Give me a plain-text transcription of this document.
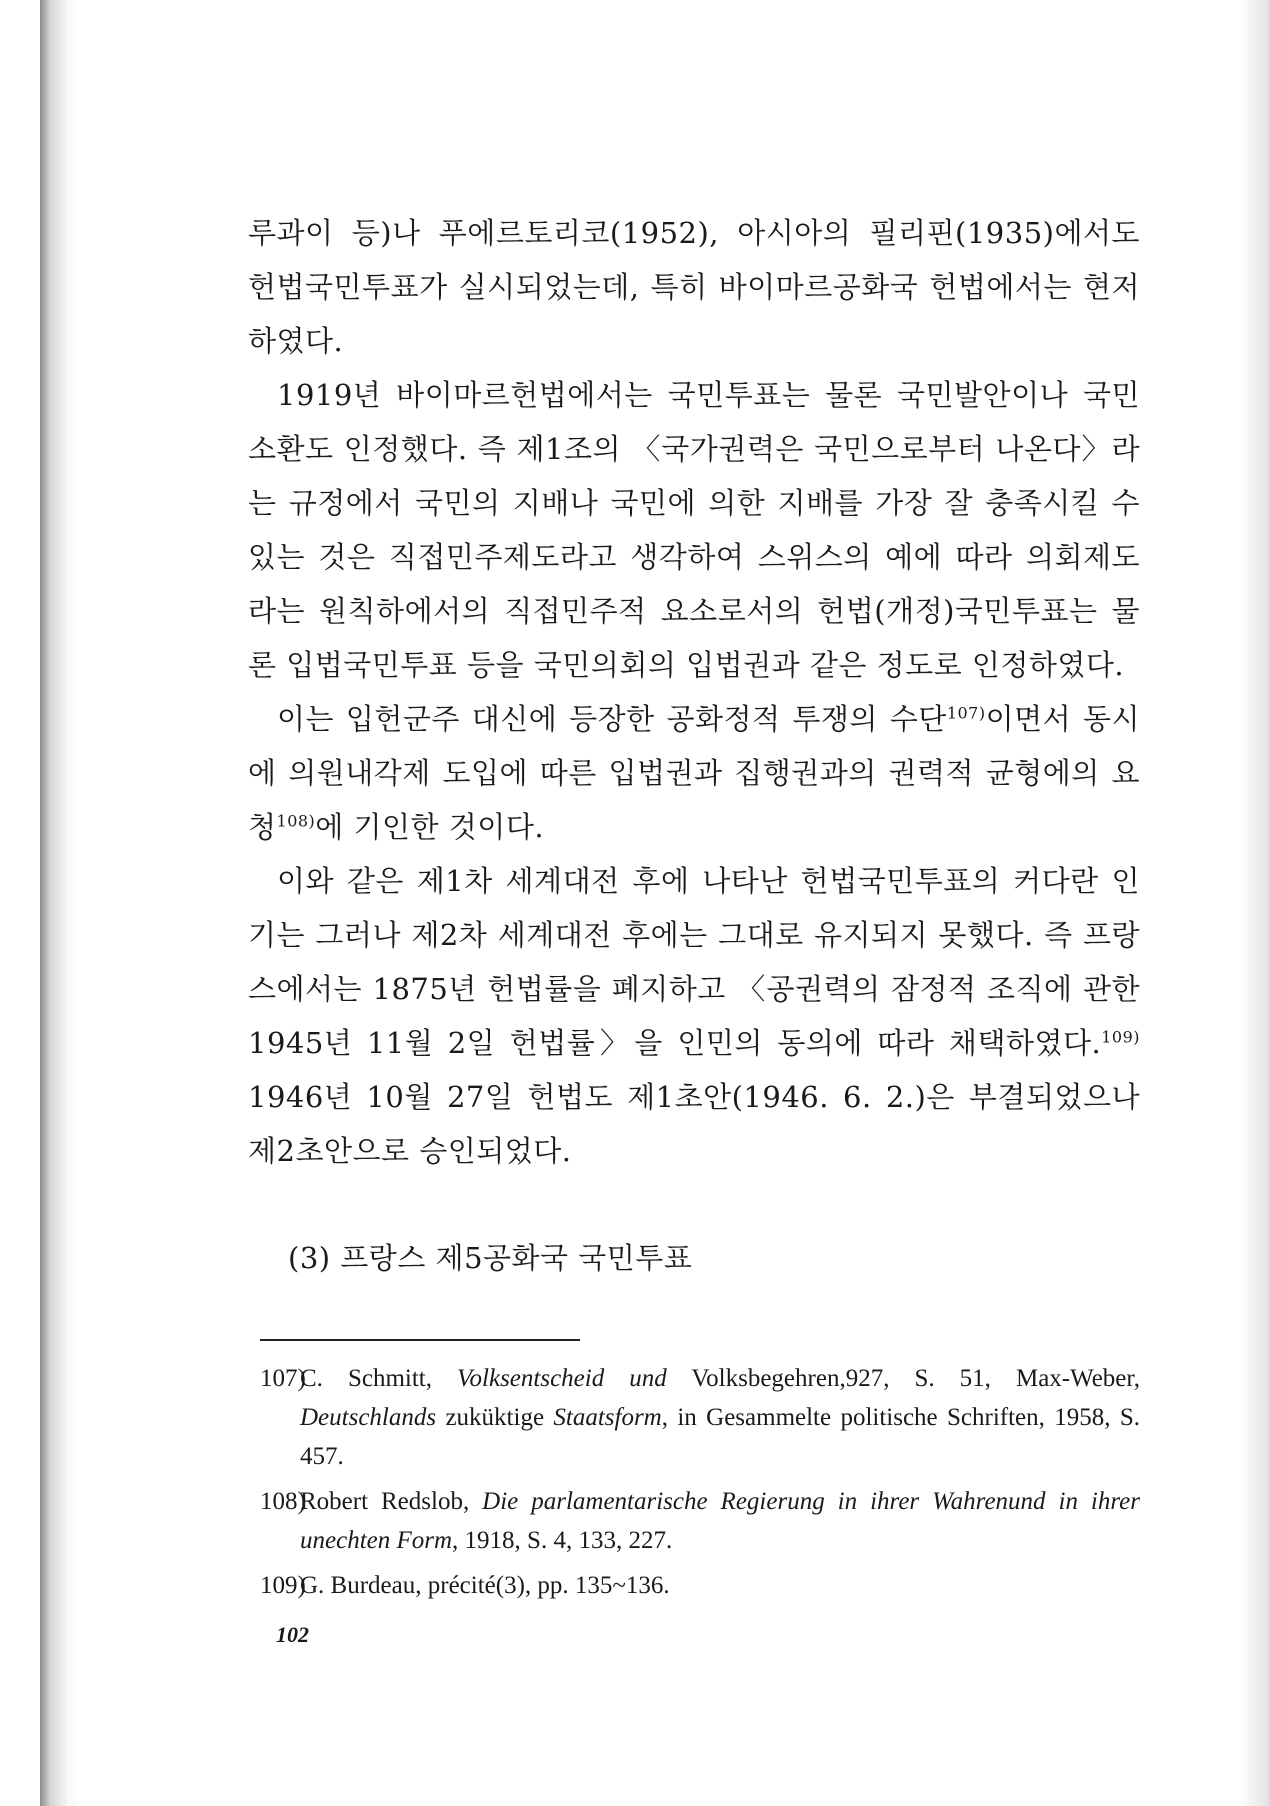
루과이 등)나 푸에르토리코(1952), 아시아의 필리핀(1935)에서도 헌법국민투표가 실시되었는데, 특히 바이마르공화국 헌법에서는 현저하였다.

1919년 바이마르헌법에서는 국민투표는 물론 국민발안이나 국민소환도 인정했다. 즉 제1조의 〈국가권력은 국민으로부터 나온다〉라는 규정에서 국민의 지배나 국민에 의한 지배를 가장 잘 충족시킬 수 있는 것은 직접민주제도라고 생각하여 스위스의 예에 따라 의회제도라는 원칙하에서의 직접민주적 요소로서의 헌법(개정)국민투표는 물론 입법국민투표 등을 국민의회의 입법권과 같은 정도로 인정하였다.

이는 입헌군주 대신에 등장한 공화정적 투쟁의 수단$^{107)}$이면서 동시에 의원내각제 도입에 따른 입법권과 집행권과의 권력적 균형에의 요청$^{108)}$에 기인한 것이다.

이와 같은 제1차 세계대전 후에 나타난 헌법국민투표의 커다란 인기는 그러나 제2차 세계대전 후에는 그대로 유지되지 못했다. 즉 프랑스에서는 1875년 헌법률을 폐지하고 〈공권력의 잠정적 조직에 관한 1945년 11월 2일 헌법률〉을 인민의 동의에 따라 채택하였다.$^{109)}$ 1946년 10월 27일 헌법도 제1초안(1946. 6. 2.)은 부결되었으나 제2초안으로 승인되었다.

(3) 프랑스 제5공화국 국민투표

107)C. Schmitt, Volksentscheid und Volksbegehren,927, S. 51, Max-Weber, Deutschlands zuküktige Staatsform, in Gesammelte politische Schriften, 1958, S. 457.

108)Robert Redslob, Die parlamentarische Regierung in ihrer Wahrenund in ihrer unechten Form, 1918, S. 4, 133, 227.

109)G. Burdeau, précité(3), pp. 135~136.

102
